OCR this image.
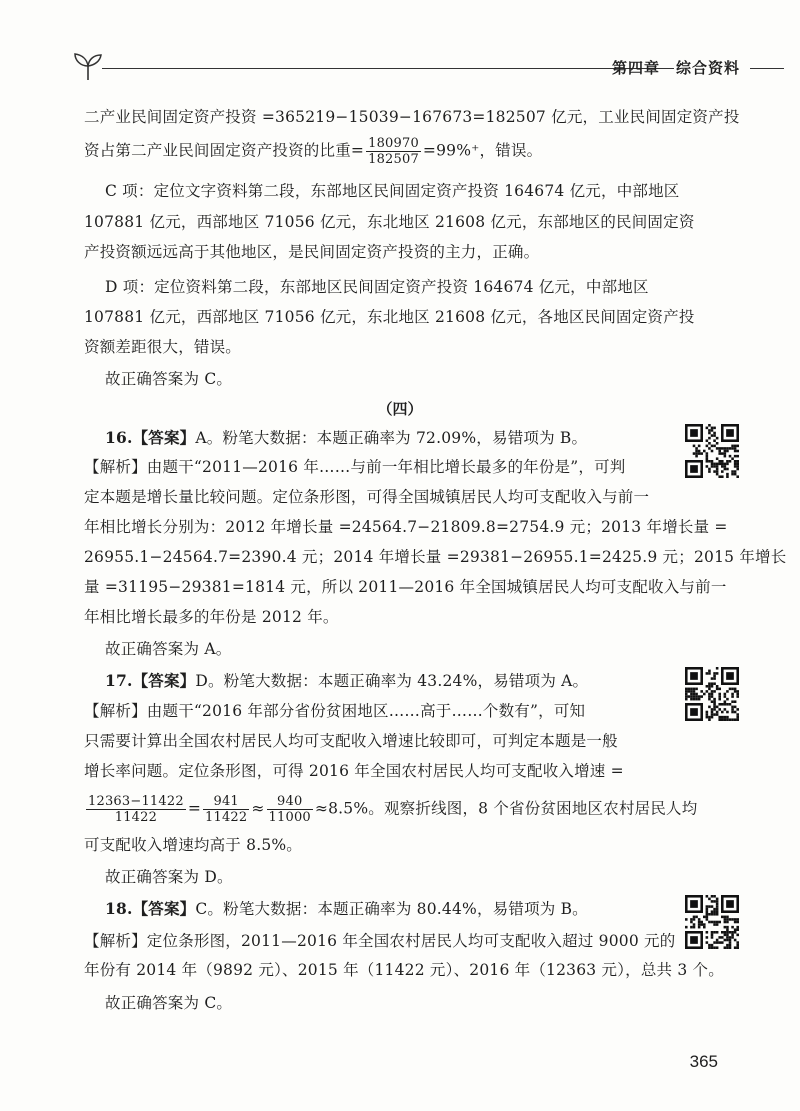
第四章　综合资料
二产业民间固定资产投资 =365219−15039−167673=182507 亿元，工业民间固定资产投
资占第二产业民间固定资产投资的比重= $\frac{180970}{182507} =99\%^+$，错误。
C 项：定位文字资料第二段，东部地区民间固定资产投资 164674 亿元，中部地区
107881 亿元，西部地区 71056 亿元，东北地区 21608 亿元，东部地区的民间固定资
产投资额远远高于其他地区，是民间固定资产投资的主力，正确。
D 项：定位资料第二段，东部地区民间固定资产投资 164674 亿元，中部地区
107881 亿元，西部地区 71056 亿元，东北地区 21608 亿元，各地区民间固定资产投
资额差距很大，错误。
故正确答案为 C。
（四）
16.【答案】A。粉笔大数据：本题正确率为 72.09%，易错项为 B。
【解析】由题干“2011—2016 年……与前一年相比增长最多的年份是”，可判
定本题是增长量比较问题。定位条形图，可得全国城镇居民人均可支配收入与前一
年相比增长分别为：2012 年增长量 =24564.7−21809.8=2754.9 元；2013 年增长量 =
26955.1−24564.7=2390.4 元；2014 年增长量 =29381−26955.1=2425.9 元；2015 年增长
量 =31195−29381=1814 元，所以 2011—2016 年全国城镇居民人均可支配收入与前一
年相比增长最多的年份是 2012 年。
故正确答案为 A。
17.【答案】D。粉笔大数据：本题正确率为 43.24%，易错项为 A。
【解析】由题干“2016 年部分省份贫困地区……高于……个数有”，可知
只需要计算出全国农村居民人均可支配收入增速比较即可，可判定本题是一般
增长率问题。定位条形图，可得 2016 年全国农村居民人均可支配收入增速 =
$\frac{12363-11422}{11422} = \frac{941}{11422} \approx \frac{940}{11000} \approx 8.5\%$。观察折线图，8 个省份贫困地区农村居民人均
可支配收入增速均高于 8.5%。
故正确答案为 D。
18.【答案】C。粉笔大数据：本题正确率为 80.44%，易错项为 B。
【解析】定位条形图，2011—2016 年全国农村居民人均可支配收入超过 9000 元的
年份有 2014 年（9892 元）、2015 年（11422 元）、2016 年（12363 元），总共 3 个。
故正确答案为 C。
365
